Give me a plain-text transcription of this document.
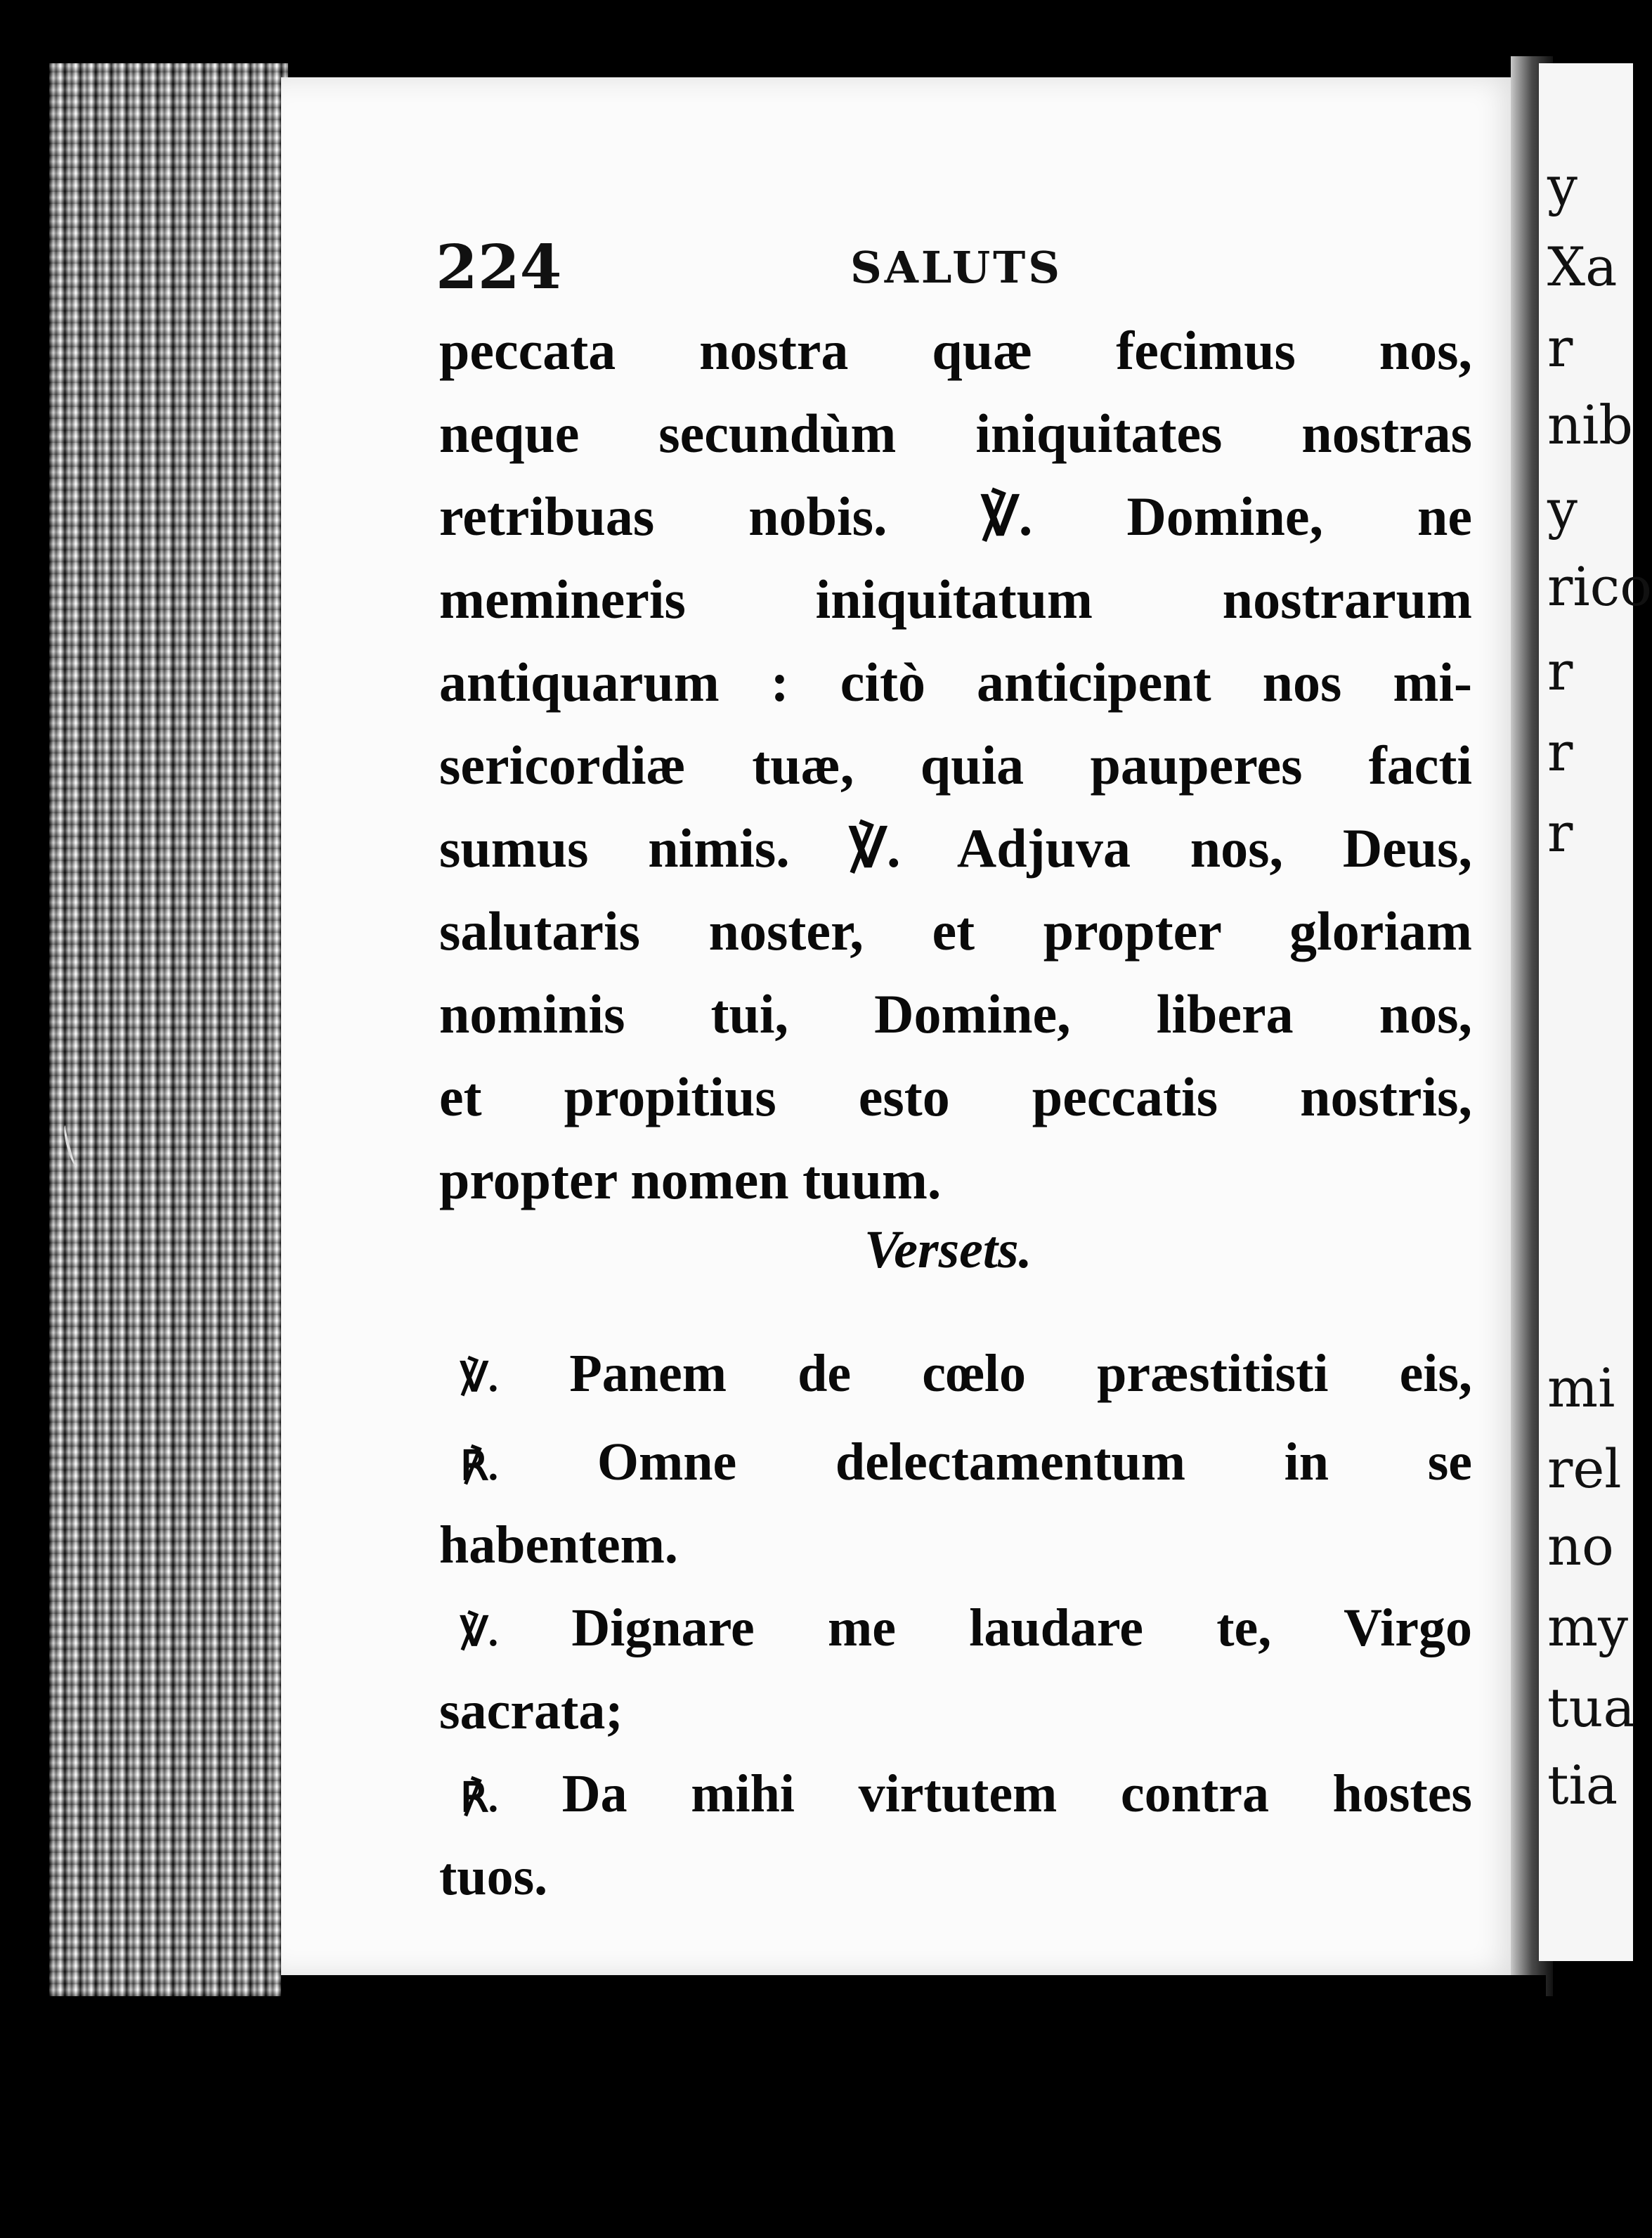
y
Xa
r
nib
y
rico
r
r
r
mi
rel
no
my
tua
tia
224	SALUTS
peccata nostra quæ fecimus nos,
neque secundùm iniquitates nostras
retribuas nobis. ℣. Domine, ne
memineris iniquitatum nostrarum
antiquarum : citò anticipent nos mi-
sericordiæ tuæ, quia pauperes facti
sumus nimis. ℣. Adjuva nos, Deus,
salutaris noster, et propter gloriam
nominis tui, Domine, libera nos,
et propitius esto peccatis nostris,
propter nomen tuum.
Versets.
℣. Panem de cœlo præstitisti eis,
℟. Omne delectamentum in se
habentem.
℣. Dignare me laudare te, Virgo
sacrata;
℟. Da mihi virtutem contra hostes
tuos.
